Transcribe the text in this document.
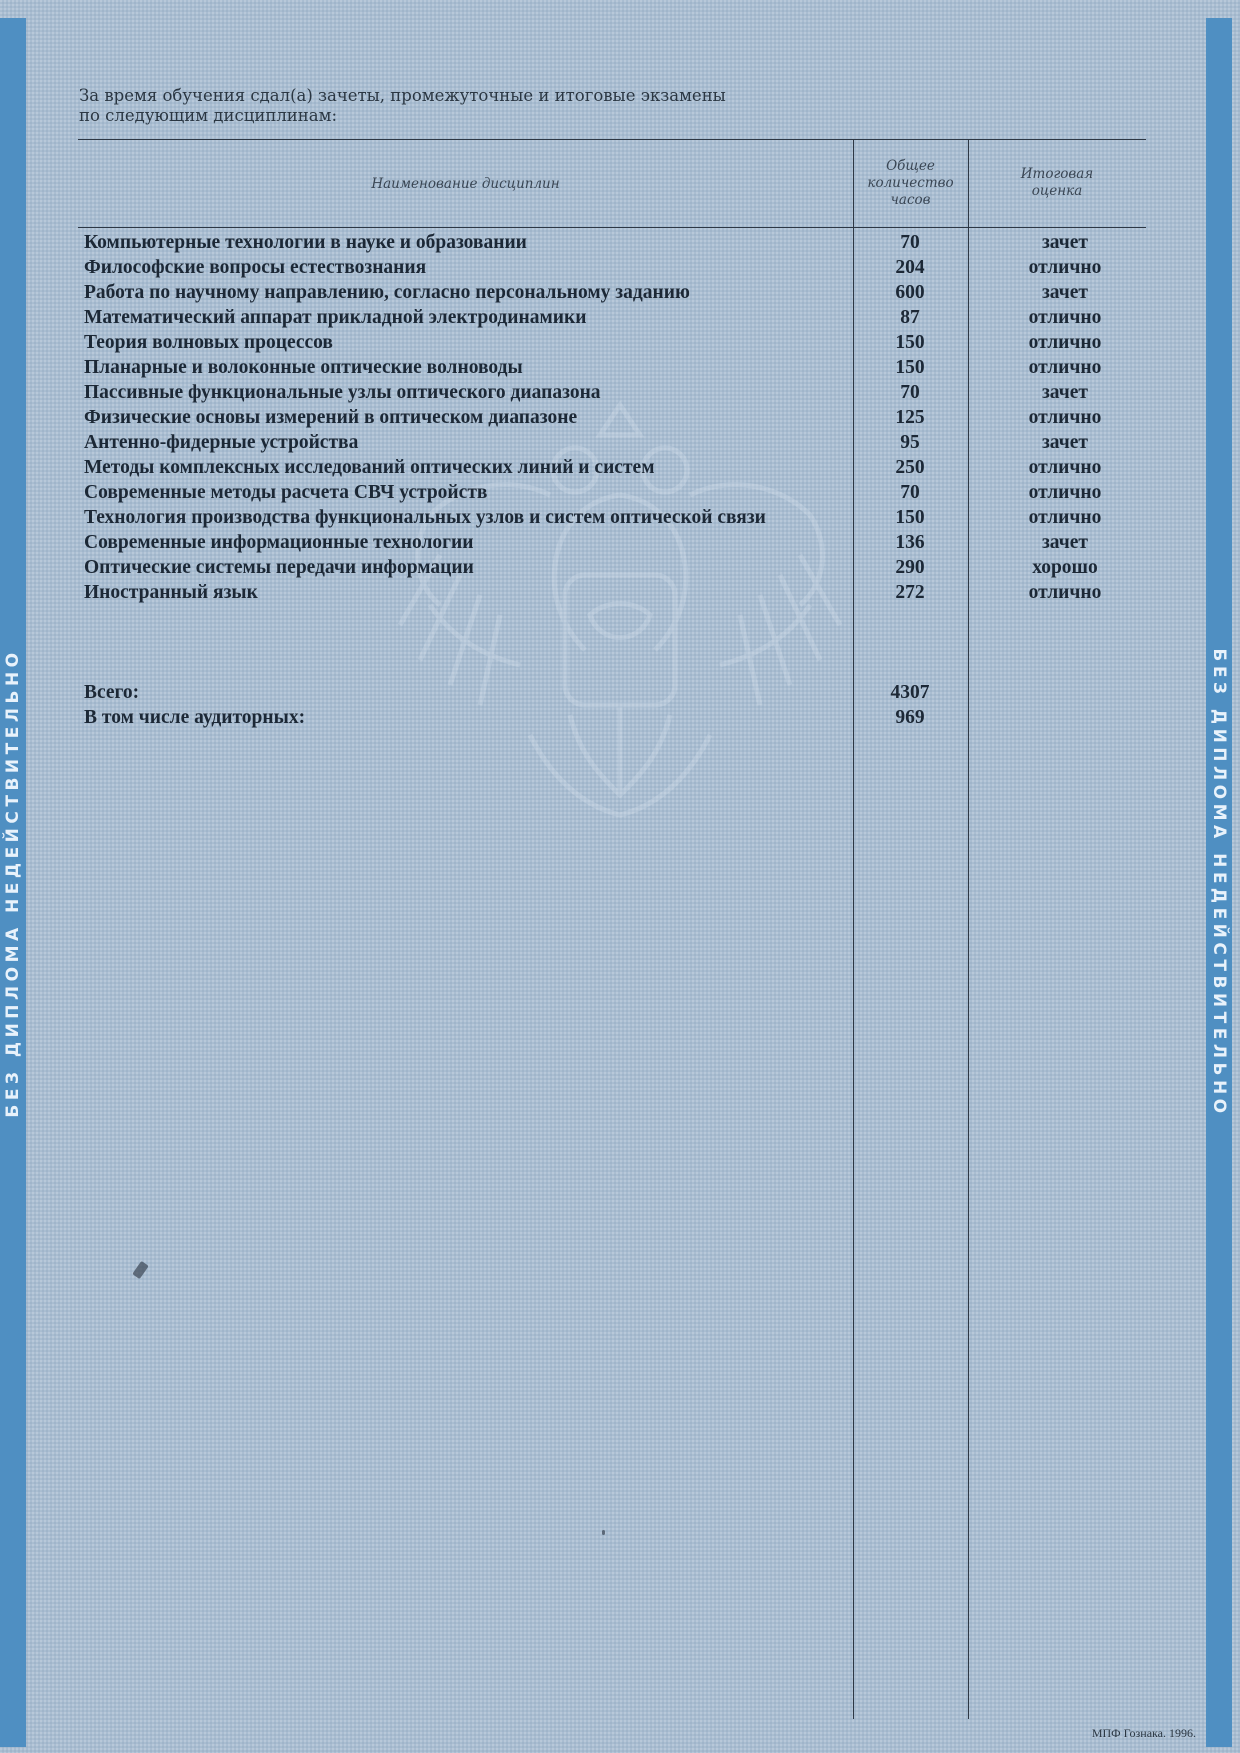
БЕЗ ДИПЛОМА НЕДЕЙСТВИТЕЛЬНО	БЕЗ ДИПЛОМА НЕДЕЙСТВИТЕЛЬНО
За время обучения сдал(а) зачеты, промежуточные и итоговые экзамены
по следующим дисциплинам:
Наименование дисциплин
Общее
количество
часов
Итоговая
оценка
Компьютерные технологии в науке и образовании	70	зачет
Философские вопросы естествознания	204	отлично
Работа по научному направлению, согласно персональному заданию	600	зачет
Математический аппарат прикладной электродинамики	87	отлично
Теория волновых процессов	150	отлично
Планарные и волоконные оптические волноводы	150	отлично
Пассивные функциональные узлы оптического диапазона	70	зачет
Физические основы измерений в оптическом диапазоне	125	отлично
Антенно-фидерные устройства	95	зачет
Методы комплексных исследований оптических линий и систем	250	отлично
Современные методы расчета СВЧ устройств	70	отлично
Технология производства функциональных узлов и систем оптической связи	150	отлично
Современные информационные технологии	136	зачет
Оптические системы передачи информации	290	хорошо
Иностранный язык	272	отлично
Всего:	4307
В том числе аудиторных:	969
МПФ Гознака. 1996.
